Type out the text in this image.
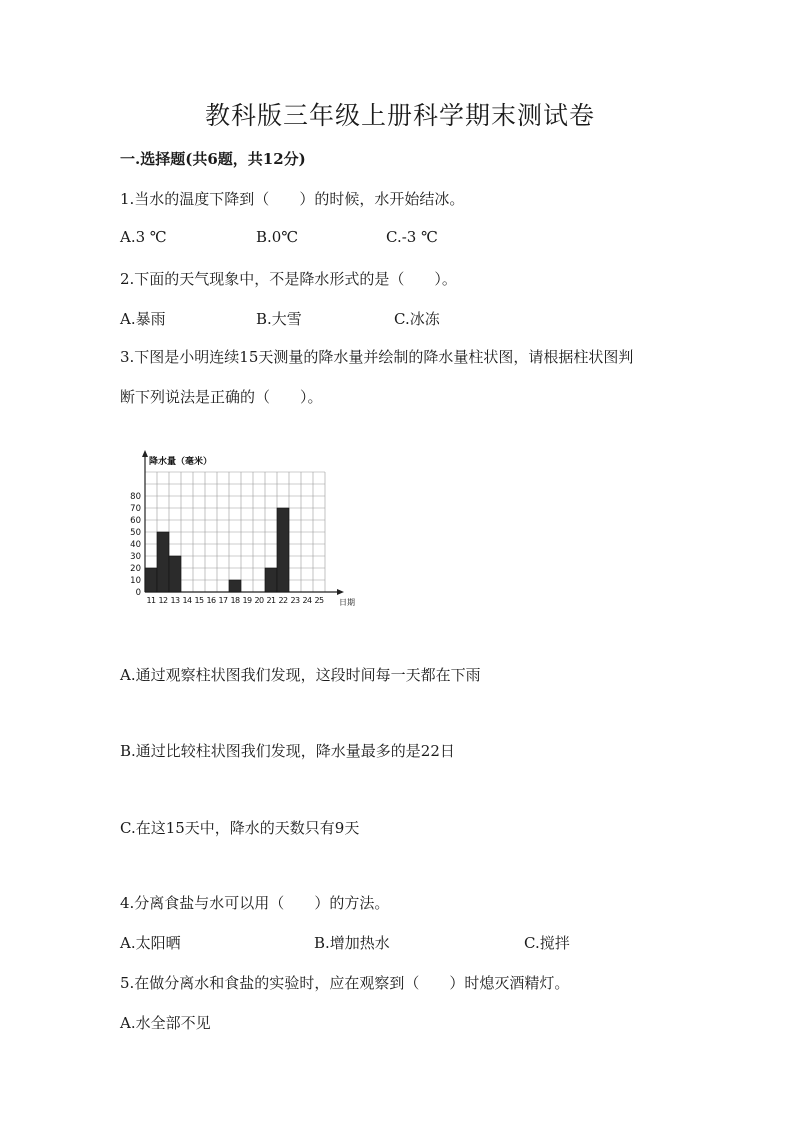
教科版三年级上册科学期末测试卷
一.选择题(共6题，共12分)
1.当水的温度下降到（　　）的时候，水开始结冰。
A.3 ℃	B.0℃	C.-3 ℃
2.下面的天气现象中，不是降水形式的是（　　）。
A.暴雨	B.大雪	C.冰冻
3.下图是小明连续15天测量的降水量并绘制的降水量柱状图，请根据柱状图判
断下列说法是正确的（　　）。
0
10
20
30
40
50
60
70
80
11 12 13 14 15 16 17 18 19 20 21 22 23 24 25
降水量（毫米）
日期
A.通过观察柱状图我们发现，这段时间每一天都在下雨
B.通过比较柱状图我们发现，降水量最多的是22日
C.在这15天中，降水的天数只有9天
4.分离食盐与水可以用（　　）的方法。
A.太阳晒	B.增加热水	C.搅拌
5.在做分离水和食盐的实验时，应在观察到（　　）时熄灭酒精灯。
A.水全部不见
